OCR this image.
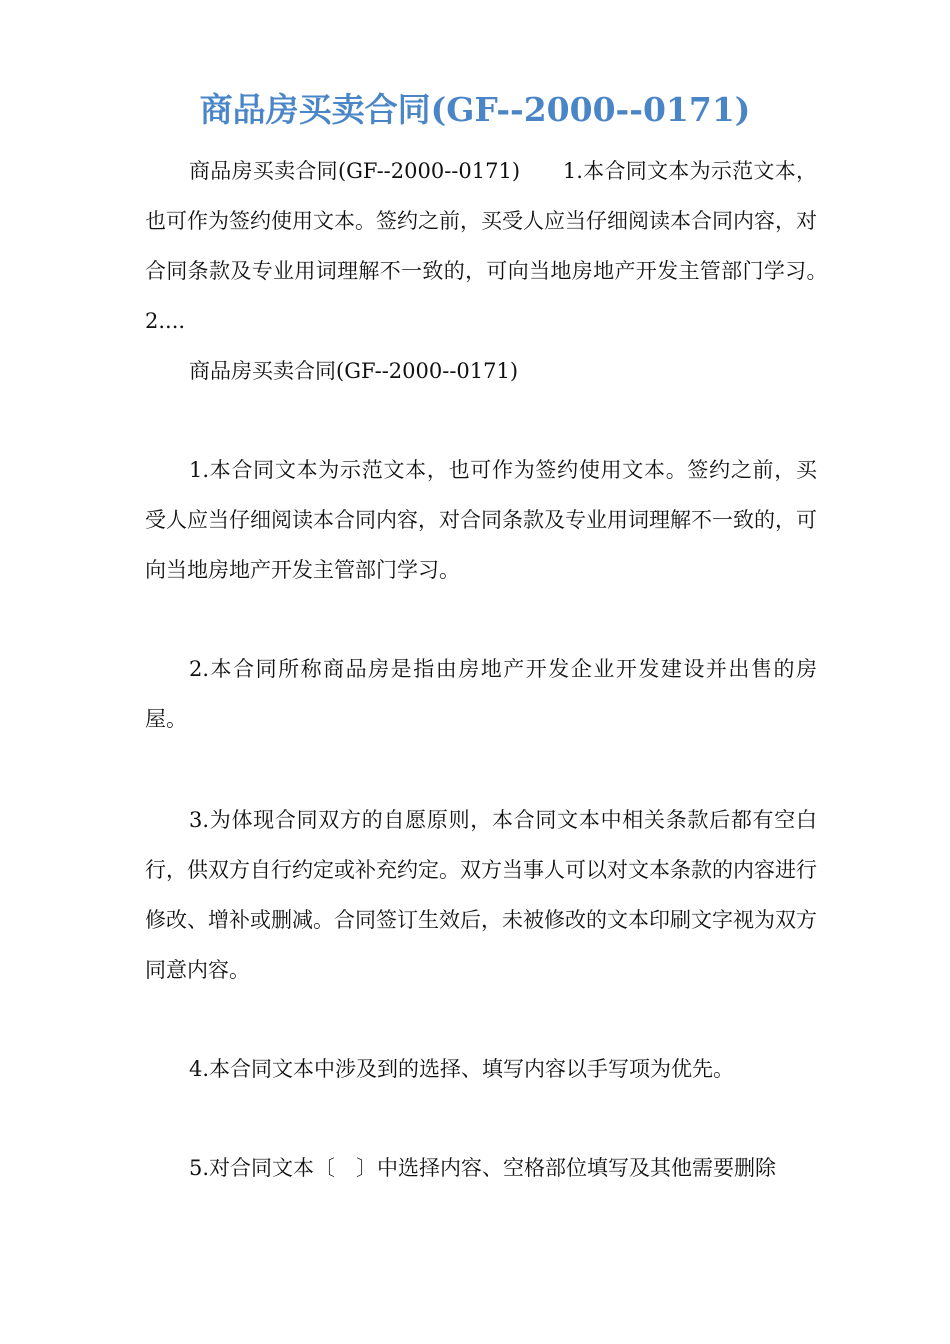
商品房买卖合同(GF--2000--0171)

商品房买卖合同(GF--2000--0171)　　1.本合同文本为示范文本，也可作为签约使用文本。签约之前，买受人应当仔细阅读本合同内容，对合同条款及专业用词理解不一致的，可向当地房地产开发主管部门学习。　　2....

商品房买卖合同(GF--2000--0171)

1.本合同文本为示范文本，也可作为签约使用文本。签约之前，买受人应当仔细阅读本合同内容，对合同条款及专业用词理解不一致的，可向当地房地产开发主管部门学习。

2.本合同所称商品房是指由房地产开发企业开发建设并出售的房屋。

3.为体现合同双方的自愿原则，本合同文本中相关条款后都有空白行，供双方自行约定或补充约定。双方当事人可以对文本条款的内容进行修改、增补或删减。合同签订生效后，未被修改的文本印刷文字视为双方同意内容。

4.本合同文本中涉及到的选择、填写内容以手写项为优先。

5.对合同文本〔　〕中选择内容、空格部位填写及其他需要删除
